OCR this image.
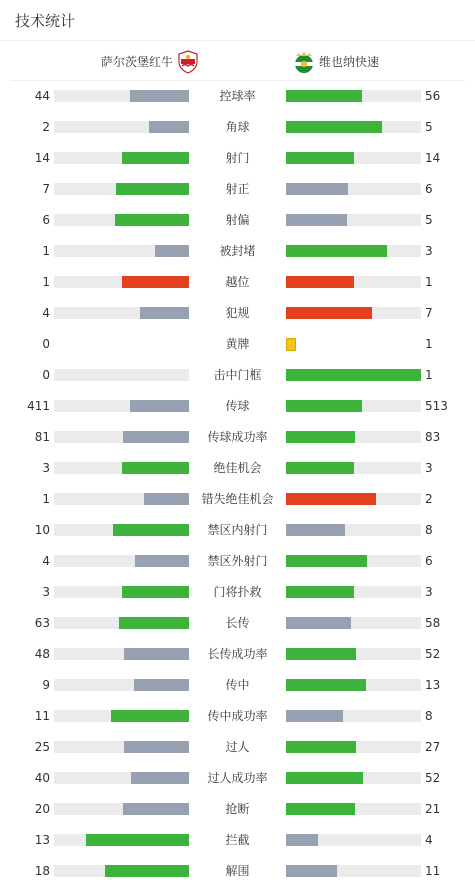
技术统计
萨尔茨堡红牛	维也纳快速
44	控球率	56
2	角球	5
14	射门	14
7	射正	6
6	射偏	5
1	被封堵	3
1	越位	1
4	犯规	7
0	黄牌	1
0	击中门框	1
411	传球	513
81	传球成功率	83
3	绝佳机会	3
1	错失绝佳机会	2
10	禁区内射门	8
4	禁区外射门	6
3	门将扑救	3
63	长传	58
48	长传成功率	52
9	传中	13
11	传中成功率	8
25	过人	27
40	过人成功率	52
20	抢断	21
13	拦截	4
18	解围	11
